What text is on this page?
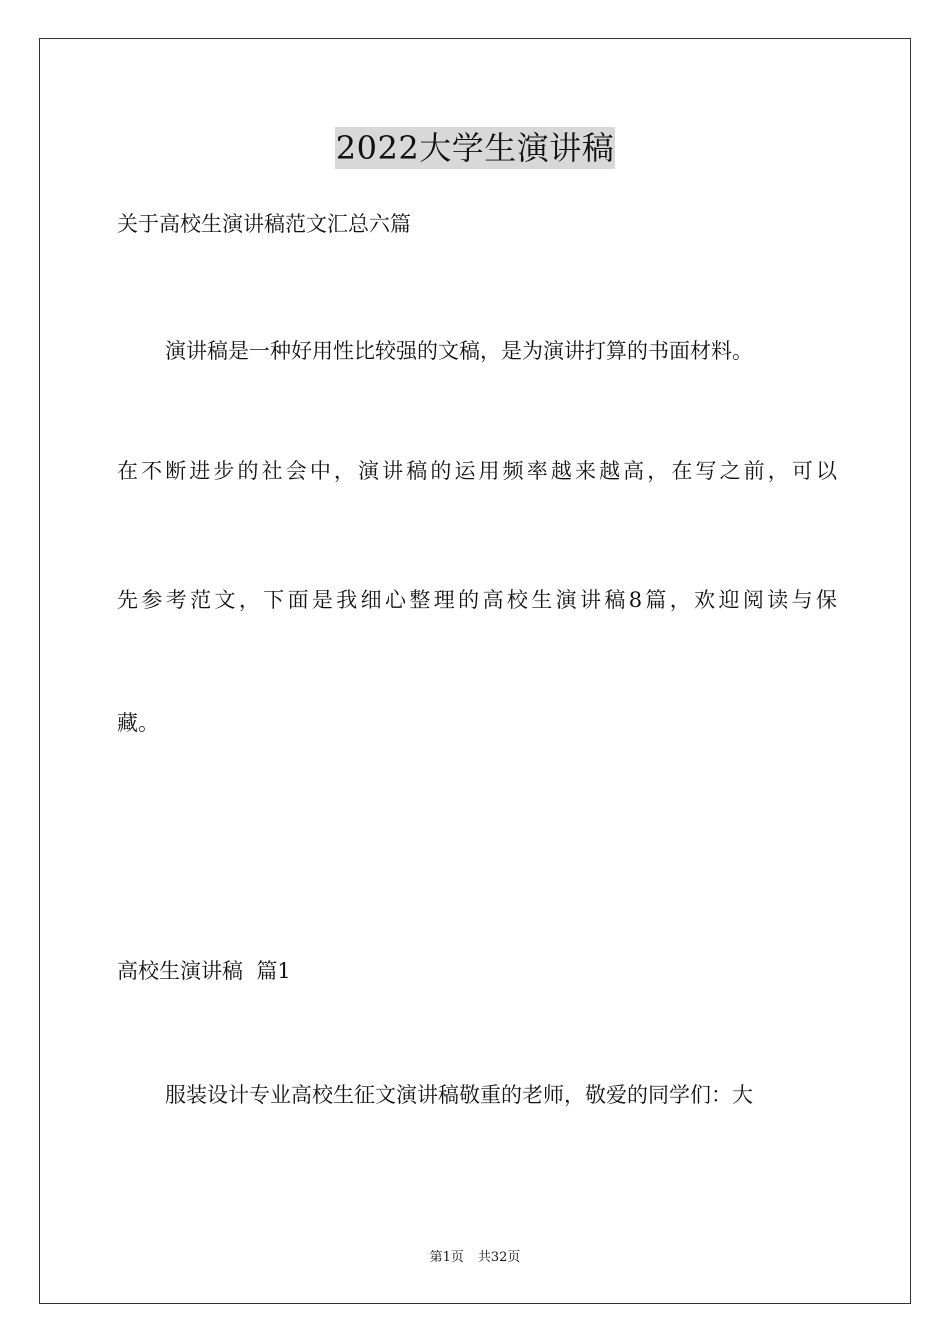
2022大学生演讲稿

关于高校生演讲稿范文汇总六篇

演讲稿是一种好用性比较强的文稿，是为演讲打算的书面材料。

在不断进步的社会中，演讲稿的运用频率越来越高，在写之前，可以

先参考范文，下面是我细心整理的高校生演讲稿8篇，欢迎阅读与保

藏。

高校生演讲稿  篇1

服装设计专业高校生征文演讲稿敬重的老师，敬爱的同学们：大

第1页 共32页
